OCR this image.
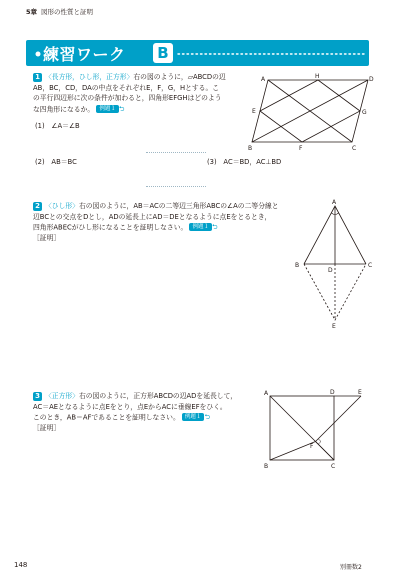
5章 図形の性質と証明
練習ワーク B
1 〈長方形，ひし形，正方形〉右の図のように，▱ABCDの辺
AB，BC，CD，DAの中点をそれぞれE，F，G，Hとする。こ
の平行四辺形に次の条件が加わると，四角形EFGHはどのよう
な四角形になるか。 例題１ ⮌
(1)　∠A＝∠B
(2)　AB＝BC	(3)　AC＝BD，AC⊥BD
A	H	D
E	G
B	F	C
2 〈ひし形〉右の図のように，AB＝ACの二等辺三角形ABCの∠Aの二等分線と
辺BCとの交点をDとし，ADの延長上にAD＝DEとなるように点Eをとるとき，
四角形ABECがひし形になることを証明しなさい。 例題１ ⮌
［証明］
A
B
D
C
E
3 〈正方形〉右の図のように，正方形ABCDの辺ADを延長して，
AC＝AEとなるように点Eをとり，点EからACに垂線EFをひく。
このとき，AB＝AFであることを証明しなさい。 例題１ ⮌
［証明］
A	D	E
F
B	C
148	別冊数2
